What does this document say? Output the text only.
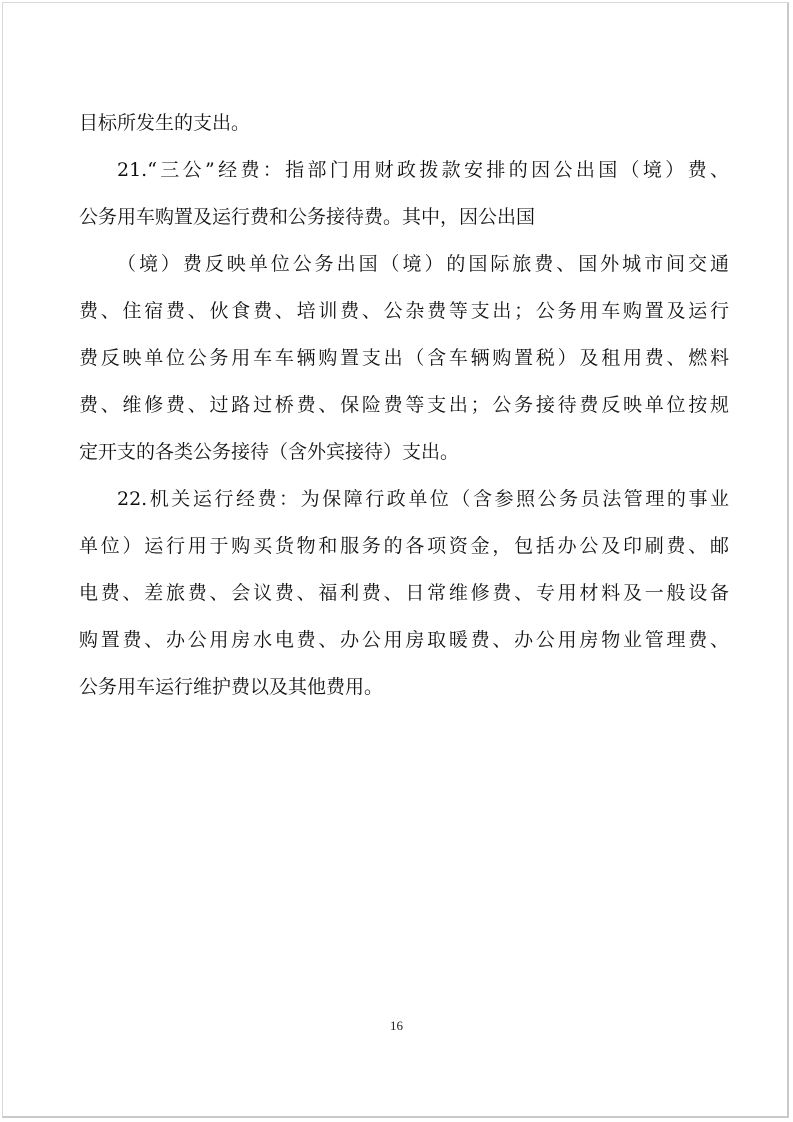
目标所发生的支出。
21.“三公”经费：指部门用财政拨款安排的因公出国（境）费、
公务用车购置及运行费和公务接待费。其中，因公出国
（境）费反映单位公务出国（境）的国际旅费、国外城市间交通
费、住宿费、伙食费、培训费、公杂费等支出；公务用车购置及运行
费反映单位公务用车车辆购置支出（含车辆购置税）及租用费、燃料
费、维修费、过路过桥费、保险费等支出；公务接待费反映单位按规
定开支的各类公务接待（含外宾接待）支出。
22.机关运行经费：为保障行政单位（含参照公务员法管理的事业
单位）运行用于购买货物和服务的各项资金，包括办公及印刷费、邮
电费、差旅费、会议费、福利费、日常维修费、专用材料及一般设备
购置费、办公用房水电费、办公用房取暖费、办公用房物业管理费、
公务用车运行维护费以及其他费用。
16
